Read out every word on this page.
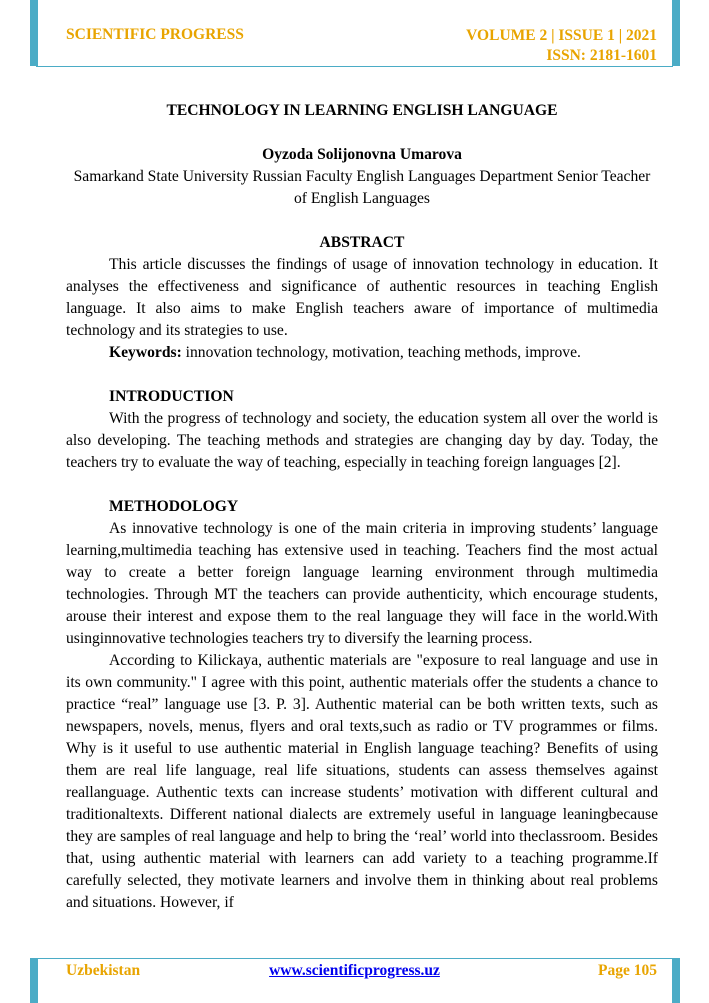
SCIENTIFIC PROGRESS	VOLUME 2 | ISSUE 1 | 2021
ISSN: 2181-1601

TECHNOLOGY IN LEARNING ENGLISH LANGUAGE

Oyzoda Solijonovna Umarova

Samarkand State University Russian Faculty English Languages Department Senior Teacher of English Languages

ABSTRACT

This article discusses the findings of usage of innovation technology in education. It analyses the effectiveness and significance of authentic resources in teaching English language. It also aims to make English teachers aware of importance of multimedia technology and its strategies to use.

Keywords: innovation technology, motivation, teaching methods, improve.

INTRODUCTION

With the progress of technology and society, the education system all over the world is also developing. The teaching methods and strategies are changing day by day. Today, the teachers try to evaluate the way of teaching, especially in teaching foreign languages [2].

METHODOLOGY

As innovative technology is one of the main criteria in improving students’ language learning,multimedia teaching has extensive used in teaching. Teachers find the most actual way to create a better foreign language learning environment through multimedia technologies. Through MT the teachers can provide authenticity, which encourage students, arouse their interest and expose them to the real language they will face in the world.With usinginnovative technologies teachers try to diversify the learning process.

According to Kilickaya, authentic materials are "exposure to real language and use in its own community." I agree with this point, authentic materials offer the students a chance to practice “real” language use [3. P. 3]. Authentic material can be both written texts, such as newspapers, novels, menus, flyers and oral texts,such as radio or TV programmes or films. Why is it useful to use authentic material in English language teaching? Benefits of using them are real life language, real life situations, students can assess themselves against reallanguage. Authentic texts can increase students’ motivation with different cultural and traditionaltexts. Different national dialects are extremely useful in language leaningbecause they are samples of real language and help to bring the ‘real’ world into theclassroom. Besides that, using authentic material with learners can add variety to a teaching programme.If carefully selected, they motivate learners and involve them in thinking about real problems and situations. However, if

Uzbekistan	www.scientificprogress.uz	Page 105
